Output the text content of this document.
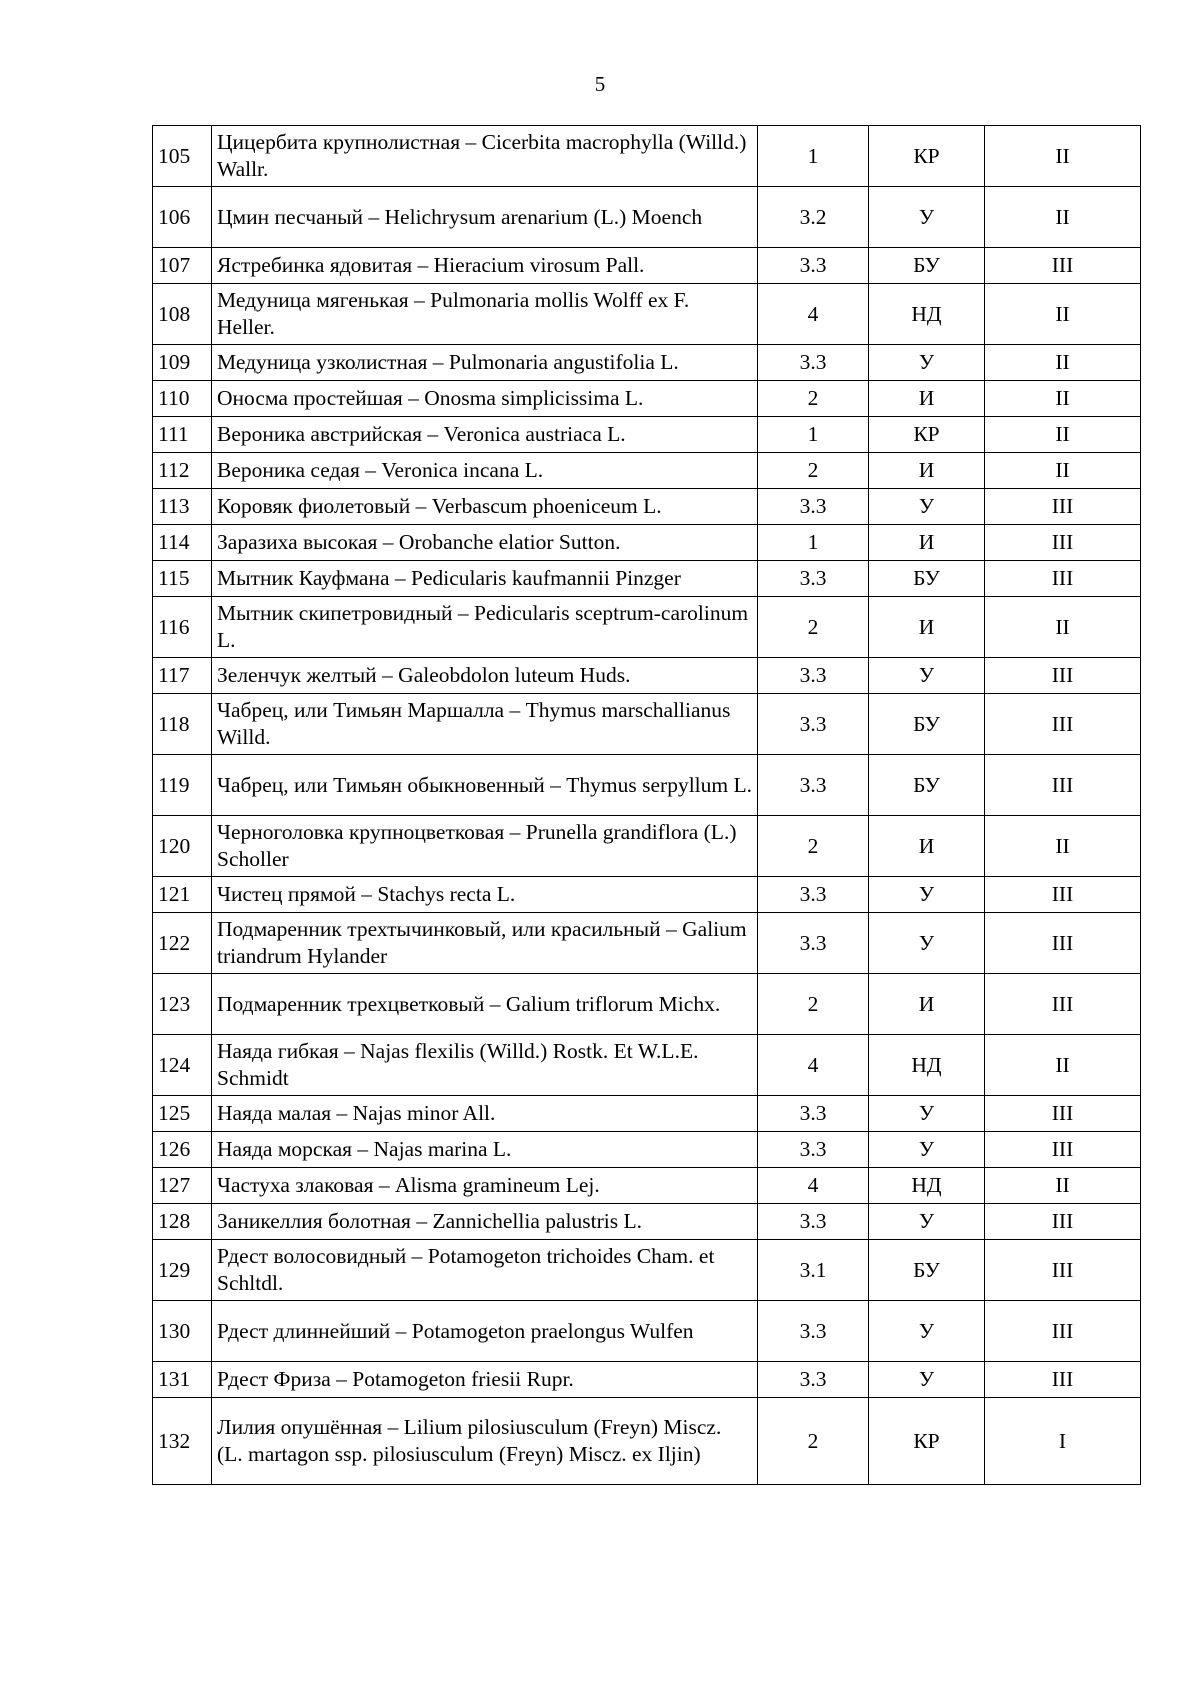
5
105	Цицербита крупнолистная – Cicerbita macrophylla (Willd.) Wallr.	1	КР	II
106	Цмин песчаный – Helichrysum arenarium (L.) Moench	3.2	У	II
107	Ястребинка ядовитая – Hieracium virosum Pall.	3.3	БУ	III
108	Медуница мягенькая – Pulmonaria mollis Wolff ex F. Heller.	4	НД	II
109	Медуница узколистная – Pulmonaria angustifolia L.	3.3	У	II
110	Оносма простейшая – Onosma simplicissima L.	2	И	II
111	Вероника австрийская – Veronica austriaca L.	1	КР	II
112	Вероника седая – Veronica incana L.	2	И	II
113	Коровяк фиолетовый – Verbascum phoeniceum L.	3.3	У	III
114	Заразиха высокая – Orobanche elatior Sutton.	1	И	III
115	Мытник Кауфмана – Pedicularis kaufmannii Pinzger	3.3	БУ	III
116	Мытник скипетровидный – Pedicularis sceptrum-carolinum L.	2	И	II
117	Зеленчук желтый – Galeobdolon luteum Huds.	3.3	У	III
118	Чабрец, или Тимьян Маршалла – Thymus marschallianus Willd.	3.3	БУ	III
119	Чабрец, или Тимьян обыкновенный – Thymus serpyllum L.	3.3	БУ	III
120	Черноголовка крупноцветковая – Prunella grandiflora (L.) Scholler	2	И	II
121	Чистец прямой – Stachys recta L.	3.3	У	III
122	Подмаренник трехтычинковый, или красильный – Galium triandrum Hylander	3.3	У	III
123	Подмаренник трехцветковый – Galium triflorum Michx.	2	И	III
124	Наяда гибкая – Najas flexilis (Willd.) Rostk. Et W.L.E. Schmidt	4	НД	II
125	Наяда малая – Najas minor All.	3.3	У	III
126	Наяда морская – Najas marina L.	3.3	У	III
127	Частуха злаковая – Alisma gramineum Lej.	4	НД	II
128	Заникеллия болотная – Zannichellia palustris L.	3.3	У	III
129	Рдест волосовидный – Potamogeton trichoides Cham. et Schltdl.	3.1	БУ	III
130	Рдест длиннейший – Potamogeton praelongus Wulfen	3.3	У	III
131	Рдест Фриза – Potamogeton friesii Rupr.	3.3	У	III
132	Лилия опушённая – Lilium pilosiusculum (Freyn) Miscz. (L. martagon ssp. pilosiusculum (Freyn) Miscz. ex Iljin)	2	КР	I
